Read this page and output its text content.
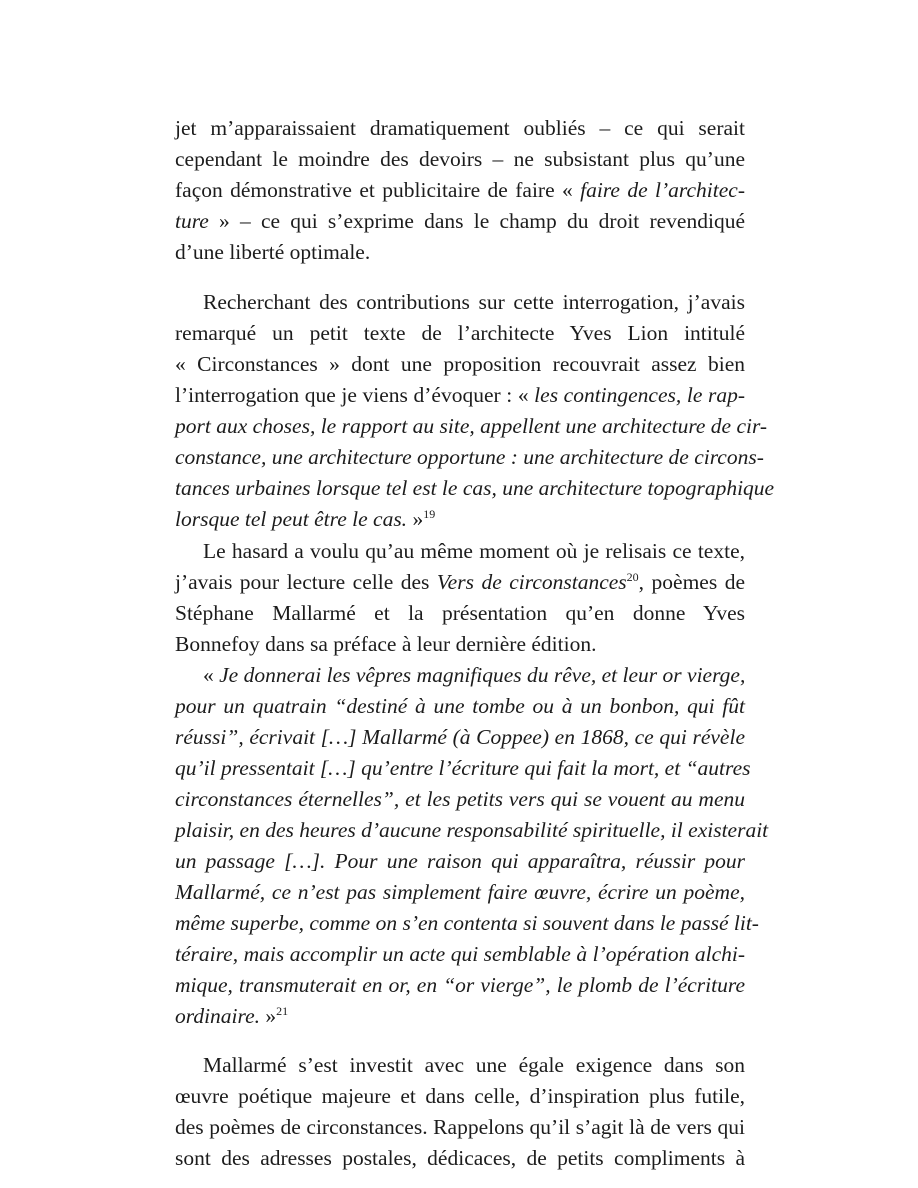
jet m’apparaissaient dramatiquement oubliés – ce qui serait
cependant le moindre des devoirs – ne subsistant plus qu’une
façon démonstrative et publicitaire de faire « faire de l’architec-
ture » – ce qui s’exprime dans le champ du droit revendiqué
d’une liberté optimale.
Recherchant des contributions sur cette interrogation, j’avais
remarqué un petit texte de l’architecte Yves Lion intitulé
« Circonstances » dont une proposition recouvrait assez bien
l’interrogation que je viens d’évoquer : « les contingences, le rap-
port aux choses, le rapport au site, appellent une architecture de cir-
constance, une architecture opportune : une architecture de circons-
tances urbaines lorsque tel est le cas, une architecture topographique
lorsque tel peut être le cas. »$^{19}$
Le hasard a voulu qu’au même moment où je relisais ce texte,
j’avais pour lecture celle des Vers de circonstances$^{20}$, poèmes de
Stéphane Mallarmé et la présentation qu’en donne Yves
Bonnefoy dans sa préface à leur dernière édition.
« Je donnerai les vêpres magnifiques du rêve, et leur or vierge,
pour un quatrain “destiné à une tombe ou à un bonbon, qui fût
réussi”, écrivait […] Mallarmé (à Coppee) en 1868, ce qui révèle
qu’il pressentait […] qu’entre l’écriture qui fait la mort, et “autres
circonstances éternelles”, et les petits vers qui se vouent au menu
plaisir, en des heures d’aucune responsabilité spirituelle, il existerait
un passage […]. Pour une raison qui apparaîtra, réussir pour
Mallarmé, ce n’est pas simplement faire œuvre, écrire un poème,
même superbe, comme on s’en contenta si souvent dans le passé lit-
téraire, mais accomplir un acte qui semblable à l’opération alchi-
mique, transmuterait en or, en “or vierge”, le plomb de l’écriture
ordinaire. »$^{21}$
Mallarmé s’est investit avec une égale exigence dans son
œuvre poétique majeure et dans celle, d’inspiration plus futile,
des poèmes de circonstances. Rappelons qu’il s’agit là de vers qui
sont des adresses postales, dédicaces, de petits compliments à
